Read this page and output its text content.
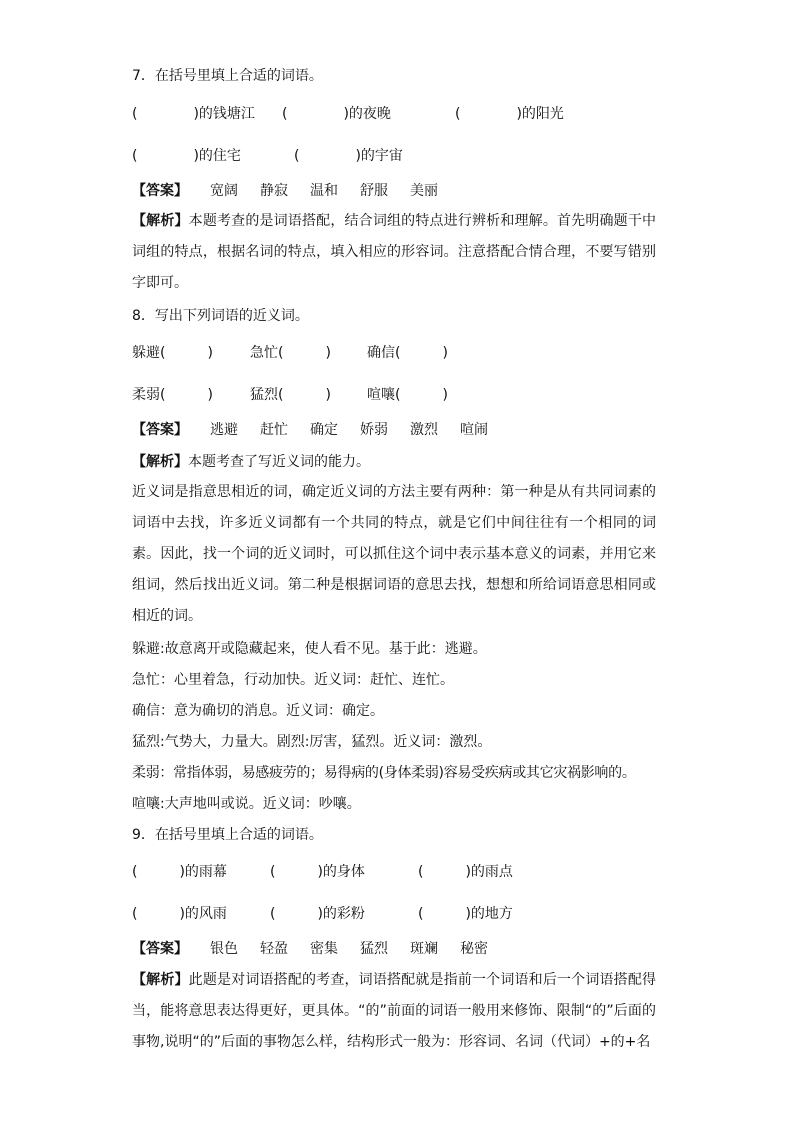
7．在括号里填上合适的词语。
(　　　　)的钱塘江 (　　　　)的夜晚	(　　　　)的阳光
(　　　　)的住宅	(　　　　)的宇宙
【答案】 宽阔 静寂 温和 舒服 美丽
【解析】本题考查的是词语搭配，结合词组的特点进行辨析和理解。首先明确题干中词组的特点，根据名词的特点，填入相应的形容词。注意搭配合情合理，不要写错别字即可。
8．写出下列词语的近义词。
躲避(　　　)	急忙(　　　)	确信(　　　)
柔弱(　　　)	猛烈(　　　)	喧嚷(　　　)
【答案】 逃避 赶忙 确定 娇弱 激烈 喧闹
【解析】本题考查了写近义词的能力。
近义词是指意思相近的词，确定近义词的方法主要有两种：第一种是从有共同词素的词语中去找，许多近义词都有一个共同的特点，就是它们中间往往有一个相同的词素。因此，找一个词的近义词时，可以抓住这个词中表示基本意义的词素，并用它来组词，然后找出近义词。第二种是根据词语的意思去找，想想和所给词语意思相同或相近的词。
躲避:故意离开或隐藏起来，使人看不见。基于此：逃避。
急忙：心里着急，行动加快。近义词：赶忙、连忙。
确信：意为确切的消息。近义词：确定。
猛烈:气势大，力量大。剧烈:厉害，猛烈。近义词：激烈。
柔弱：常指体弱，易感疲劳的；易得病的(身体柔弱)容易受疾病或其它灾祸影响的。
喧嚷:大声地叫或说。近义词：吵嚷。
9．在括号里填上合适的词语。
(　　　)的雨幕	(　　　)的身体	(　　　)的雨点
(　　　)的风雨	(　　　)的彩粉	(　　　)的地方
【答案】 银色 轻盈 密集 猛烈 斑斓 秘密
【解析】此题是对词语搭配的考查，词语搭配就是指前一个词语和后一个词语搭配得当，能将意思表达得更好，更具体。“的”前面的词语一般用来修饰、限制“的”后面的事物,说明“的”后面的事物怎么样，结构形式一般为：形容词、名词（代词）+的+名
